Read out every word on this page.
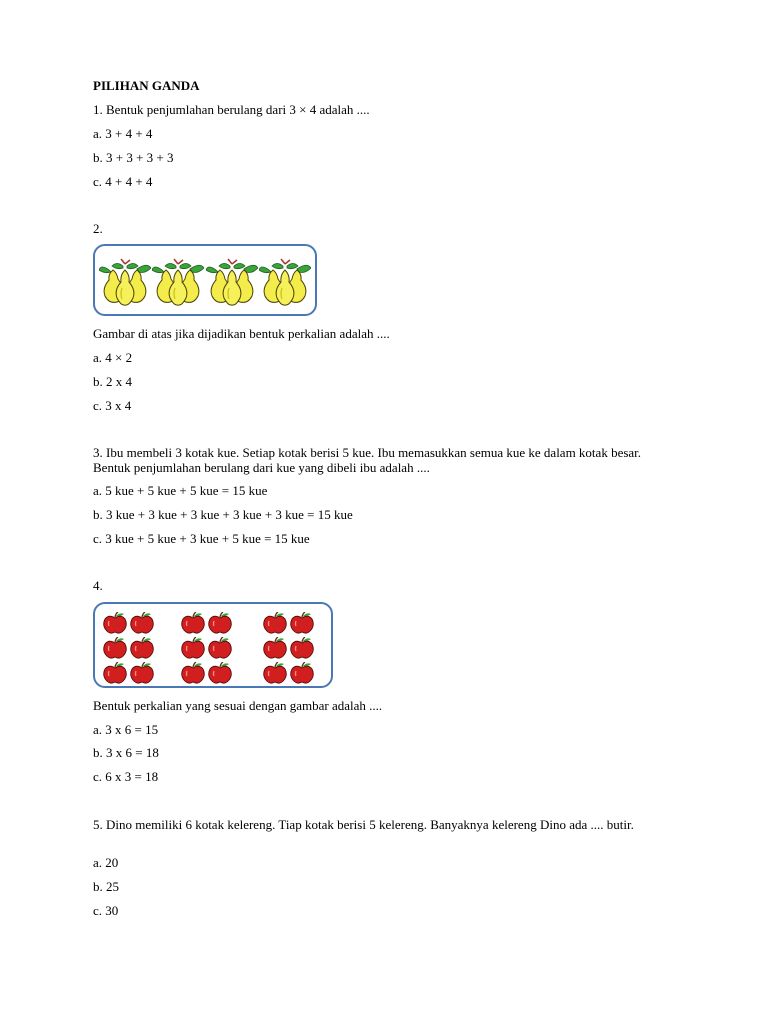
PILIHAN GANDA
1. Bentuk penjumlahan berulang dari 3 × 4 adalah ....
a. 3 + 4 + 4
b. 3 + 3 + 3 + 3
c. 4 + 4 + 4
2.
Gambar di atas jika dijadikan bentuk perkalian adalah ....
a. 4 × 2
b. 2 x 4
c. 3 x 4
3. Ibu membeli 3 kotak kue. Setiap kotak berisi 5 kue. Ibu memasukkan semua kue ke dalam kotak besar. Bentuk penjumlahan berulang dari kue yang dibeli ibu adalah ....
a. 5 kue + 5 kue + 5 kue = 15 kue
b. 3 kue + 3 kue + 3 kue + 3 kue + 3 kue = 15 kue
c. 3 kue + 5 kue + 3 kue + 5 kue = 15 kue
4.
Bentuk perkalian yang sesuai dengan gambar adalah ....
a. 3 x 6 = 15
b. 3 x 6 = 18
c. 6 x 3 = 18
5. Dino memiliki 6 kotak kelereng. Tiap kotak berisi 5 kelereng. Banyaknya kelereng Dino ada .... butir.
a. 20
b. 25
c. 30
